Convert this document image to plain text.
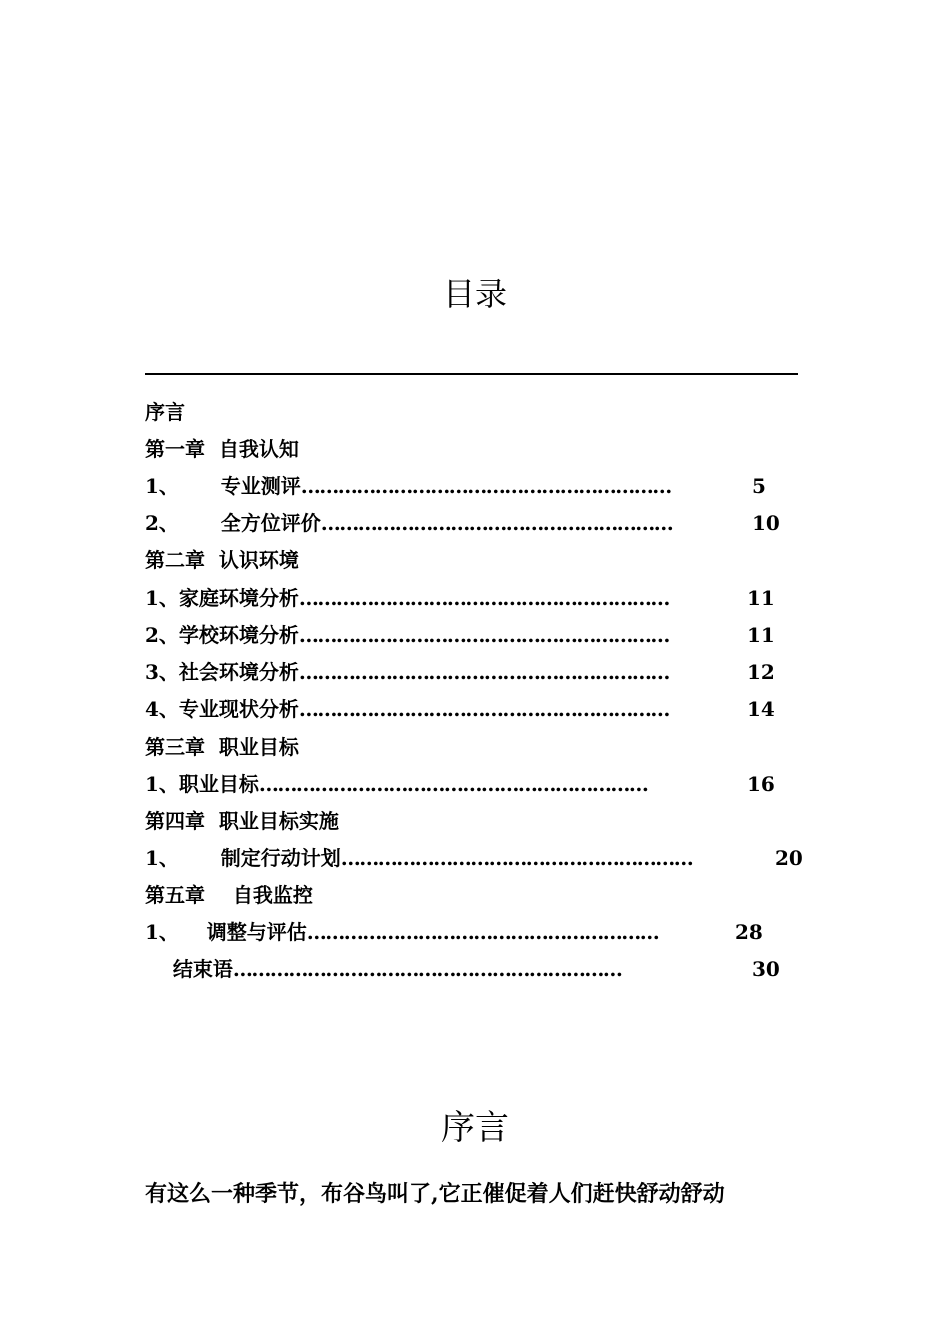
目录
序言
第一章  自我认知
1、      专业测评……………………………………………………	5
2、      全方位评价…………………………………………………	10
第二章  认识环境
1、家庭环境分析……………………………………………………	11
2、学校环境分析……………………………………………………	11
3、社会环境分析……………………………………………………	12
4、专业现状分析……………………………………………………	14
第三章  职业目标
1、职业目标………………………………………………………	16
第四章  职业目标实施
1、      制定行动计划…………………………………………………	20
第五章    自我监控
1、    调整与评估…………………………………………………	28
结束语………………………………………………………	30
序言

有这么一种季节，布谷鸟叫了,它正催促着人们赶快舒动舒动
